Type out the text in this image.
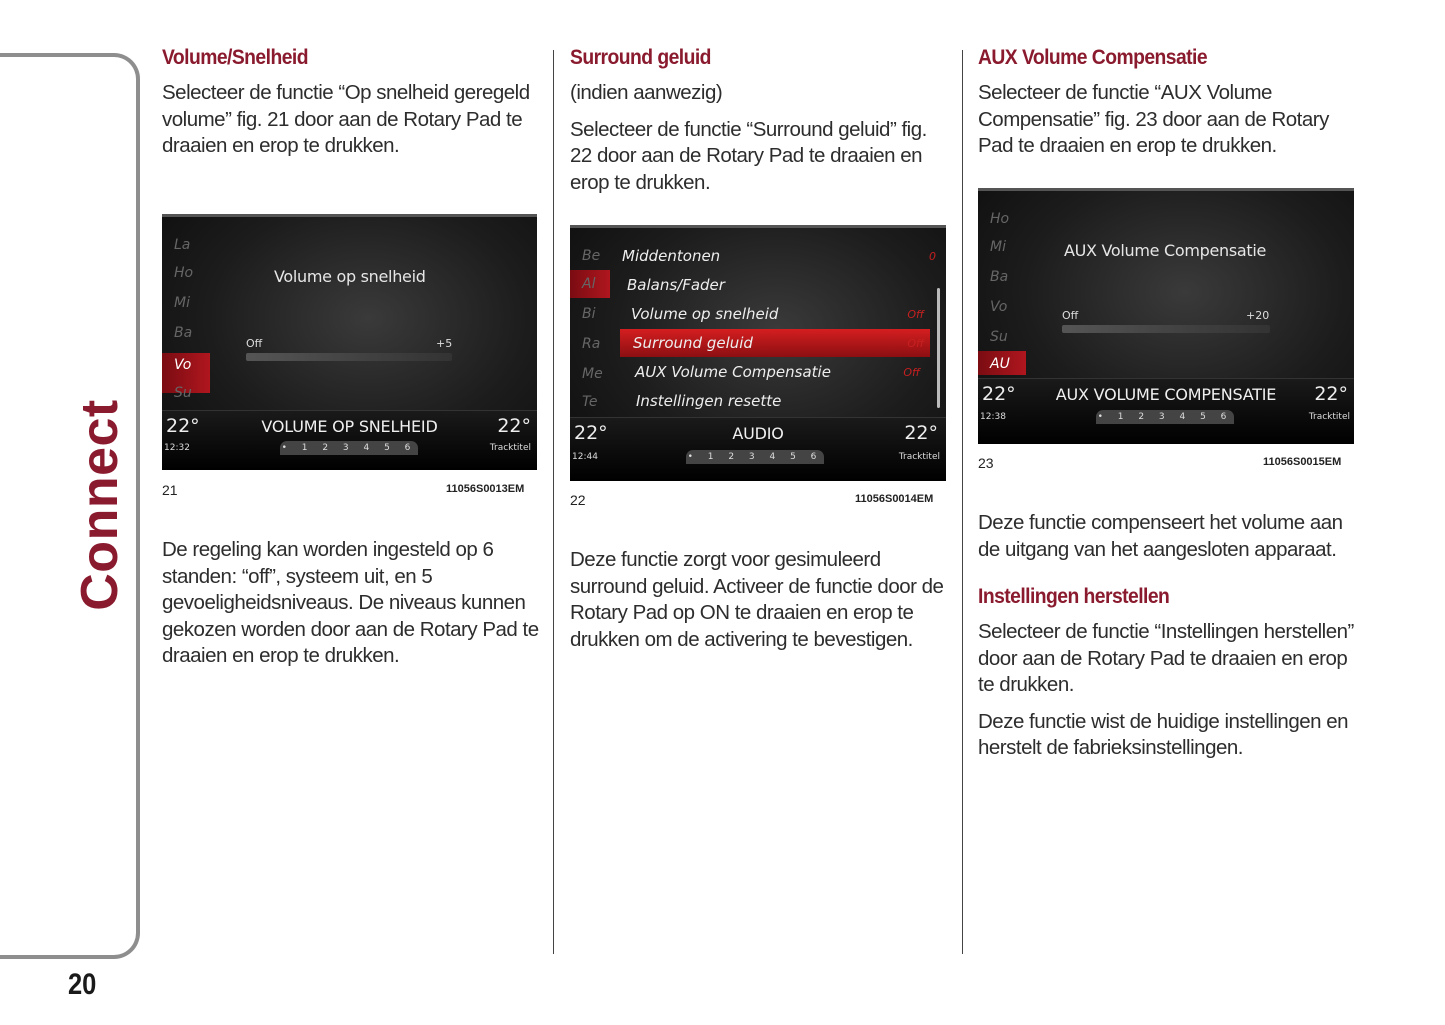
Connect
20
Volume/Snelheid

Selecteer de functie “Op snelheid geregeld volume” fig. 21 door aan de Rotary Pad te draaien en erop te drukken.

La
Ho
Mi
Ba
Vo
Su
Volume op snelheid
Off	+5
22°	VOLUME OP SNELHEID	22°
12:32	• 1 2 3 4 5 6	Tracktitel
21	11056S0013EM

De regeling kan worden ingesteld op 6 standen: “off”, systeem uit, en 5 gevoeligheidsniveaus. De niveaus kunnen gekozen worden door aan de Rotary Pad te draaien en erop te drukken.

Surround geluid

(indien aanwezig)

Selecteer de functie “Surround geluid” fig. 22 door aan de Rotary Pad te draaien en erop te drukken.

Be
Al
Bi
Ra
Me
Te
Middentonen	0
Balans/Fader
Volume op snelheid	Off
Surround geluid	Off
AUX Volume Compensatie	Off
Instellingen resette
22°	AUDIO	22°
12:44	• 1 2 3 4 5 6	Tracktitel
22	11056S0014EM

Deze functie zorgt voor gesimuleerd surround geluid. Activeer de functie door de Rotary Pad op ON te draaien en erop te drukken om de activering te bevestigen.

AUX Volume Compensatie

Selecteer de functie “AUX Volume Compensatie” fig. 23 door aan de Rotary Pad te draaien en erop te drukken.

Ho
Mi
Ba
Vo
Su
AU
AUX Volume Compensatie
Off	+20
22°	AUX VOLUME COMPENSATIE 22°
12:38	• 1 2 3 4 5 6	Tracktitel
23	11056S0015EM

Deze functie compenseert het volume aan de uitgang van het aangesloten apparaat.

Instellingen herstellen

Selecteer de functie “Instellingen herstellen” door aan de Rotary Pad te draaien en erop te drukken.

Deze functie wist de huidige instellingen en herstelt de fabrieksinstellingen.
